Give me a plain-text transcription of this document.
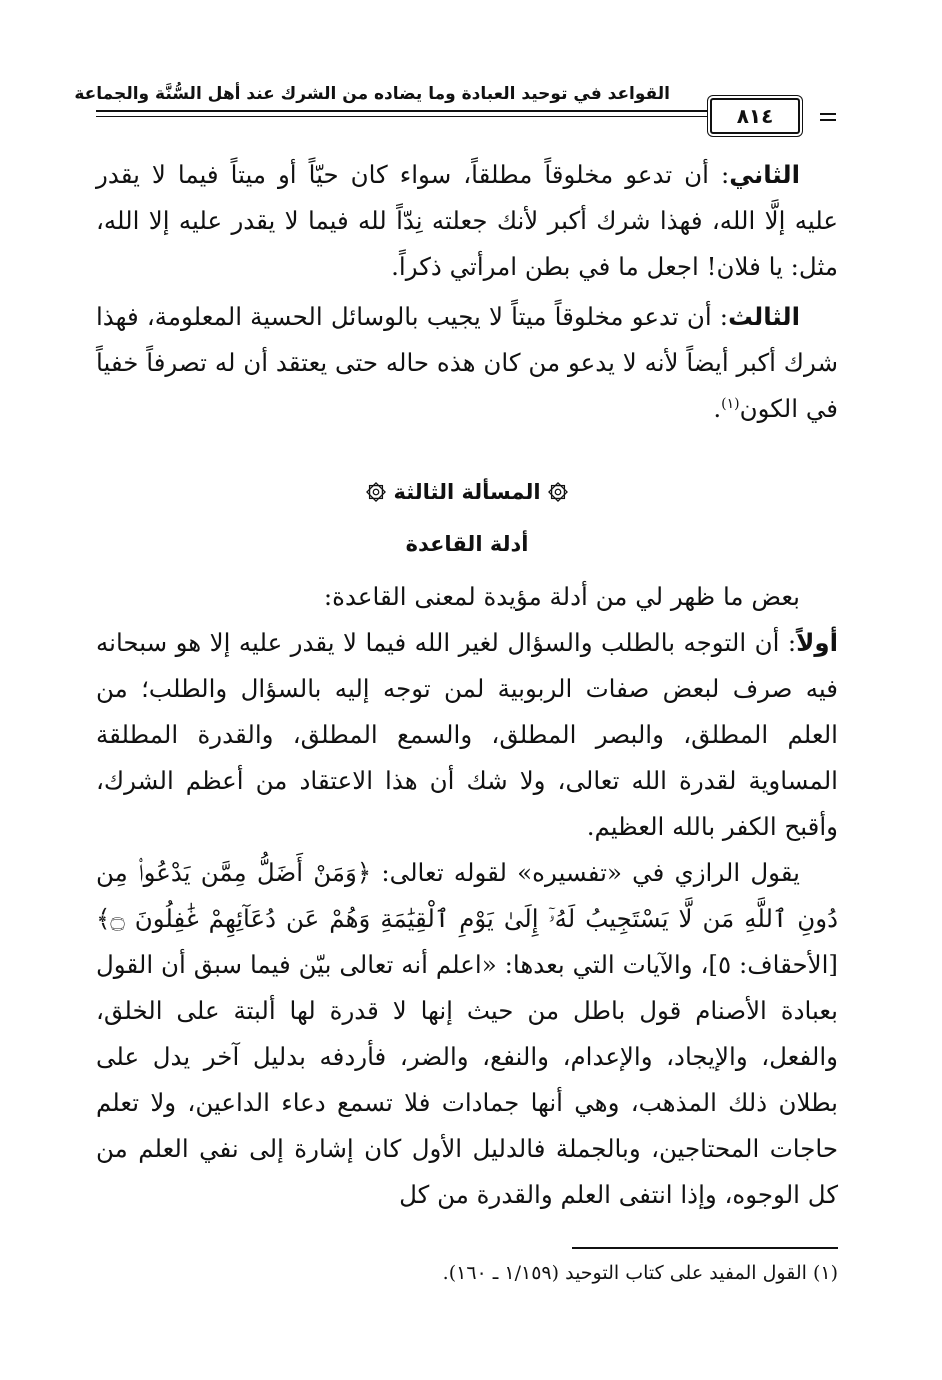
القواعد في توحيد العبادة وما يضاده من الشرك عند أهل السُّنَّة والجماعة
٨١٤

الثاني: أن تدعو مخلوقاً مطلقاً، سواء كان حيّاً أو ميتاً فيما لا يقدر عليه إلَّا الله، فهذا شرك أكبر لأنك جعلته نِدّاً لله فيما لا يقدر عليه إلا الله، مثل: يا فلان! اجعل ما في بطن امرأتي ذكراً.

الثالث: أن تدعو مخلوقاً ميتاً لا يجيب بالوسائل الحسية المعلومة، فهذا شرك أكبر أيضاً لأنه لا يدعو من كان هذه حاله حتى يعتقد أن له تصرفاً خفياً في الكون$^{(١)}$.

المسألة الثالثة
أدلة القاعدة

بعض ما ظهر لي من أدلة مؤيدة لمعنى القاعدة:

أولاً: أن التوجه بالطلب والسؤال لغير الله فيما لا يقدر عليه إلا هو سبحانه فيه صرف لبعض صفات الربوبية لمن توجه إليه بالسؤال والطلب؛ من العلم المطلق، والبصر المطلق، والسمع المطلق، والقدرة المطلقة المساوية لقدرة الله تعالى، ولا شك أن هذا الاعتقاد من أعظم الشرك، وأقبح الكفر بالله العظيم.

يقول الرازي في «تفسيره» لقوله تعالى: ﴿وَمَنْ أَضَلُّ مِمَّن يَدْعُوا۟ مِن دُونِ ٱللَّهِ مَن لَّا يَسْتَجِيبُ لَهُۥٓ إِلَىٰ يَوْمِ ٱلْقِيَٰمَةِ وَهُمْ عَن دُعَآئِهِمْ غَٰفِلُونَ ۝﴾ [الأحقاف: ٥]، والآيات التي بعدها: «اعلم أنه تعالى بيّن فيما سبق أن القول بعبادة الأصنام قول باطل من حيث إنها لا قدرة لها ألبتة على الخلق، والفعل، والإيجاد، والإعدام، والنفع، والضر، فأردفه بدليل آخر يدل على بطلان ذلك المذهب، وهي أنها جمادات فلا تسمع دعاء الداعين، ولا تعلم حاجات المحتاجين، وبالجملة فالدليل الأول كان إشارة إلى نفي العلم من كل الوجوه، وإذا انتفى العلم والقدرة من كل

(١) القول المفيد على كتاب التوحيد (١/١٥٩ ـ ١٦٠).
